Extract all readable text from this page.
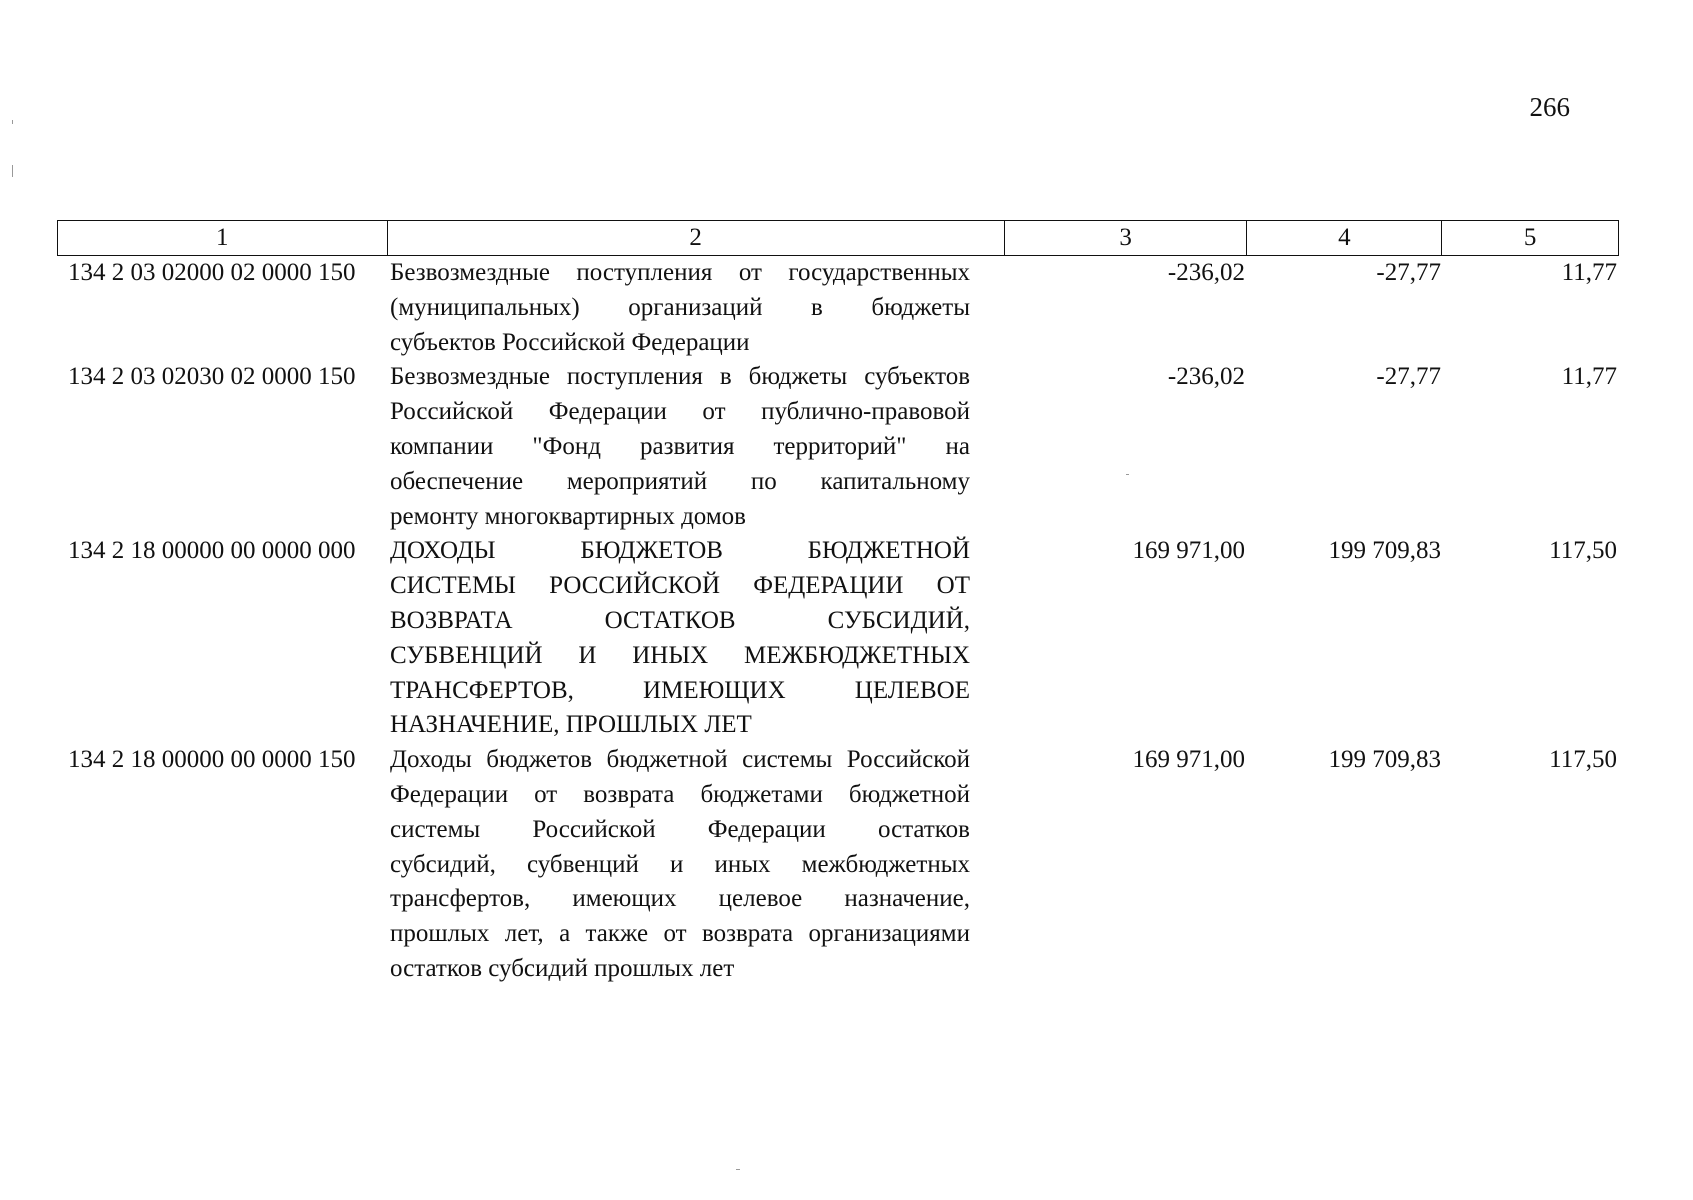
266
1	2	3	4	5
134 2 03 02000 02 0000 150	Безвозмездные поступления от государственных
(муниципальных) организаций в бюджеты
субъектов Российской Федерации
-236,02	-27,77	11,77
134 2 03 02030 02 0000 150	Безвозмездные поступления в бюджеты субъектов
Российской Федерации от публично-правовой
компании "Фонд развития территорий" на
обеспечение мероприятий по капитальному
ремонту многоквартирных домов
-236,02	-27,77	11,77
134 2 18 00000 00 0000 000	ДОХОДЫ БЮДЖЕТОВ БЮДЖЕТНОЙ
СИСТЕМЫ РОССИЙСКОЙ ФЕДЕРАЦИИ ОТ
ВОЗВРАТА ОСТАТКОВ СУБСИДИЙ,
СУБВЕНЦИЙ И ИНЫХ МЕЖБЮДЖЕТНЫХ
ТРАНСФЕРТОВ, ИМЕЮЩИХ ЦЕЛЕВОЕ
НАЗНАЧЕНИЕ, ПРОШЛЫХ ЛЕТ
169 971,00	199 709,83	117,50
134 2 18 00000 00 0000 150	Доходы бюджетов бюджетной системы Российской
Федерации от возврата бюджетами бюджетной
системы Российской Федерации остатков
субсидий, субвенций и иных межбюджетных
трансфертов, имеющих целевое назначение,
прошлых лет, а также от возврата организациями
остатков субсидий прошлых лет
169 971,00	199 709,83	117,50
